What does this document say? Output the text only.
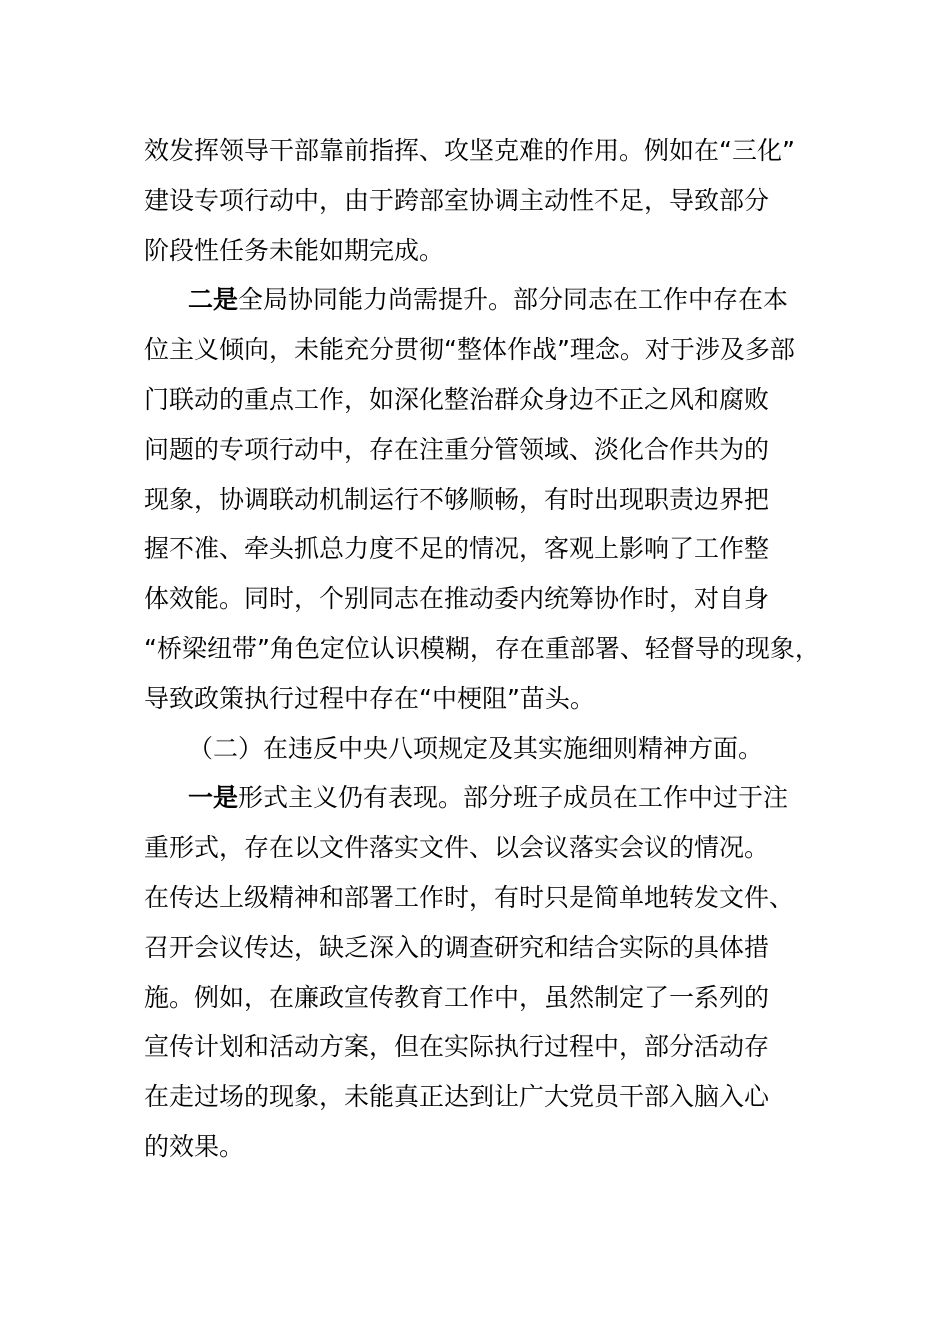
效发挥领导干部靠前指挥、攻坚克难的作用。例如在“三化”
建设专项行动中，由于跨部室协调主动性不足，导致部分
阶段性任务未能如期完成。
二是全局协同能力尚需提升。部分同志在工作中存在本
位主义倾向，未能充分贯彻“整体作战”理念。对于涉及多部
门联动的重点工作，如深化整治群众身边不正之风和腐败
问题的专项行动中，存在注重分管领域、淡化合作共为的
现象，协调联动机制运行不够顺畅，有时出现职责边界把
握不准、牵头抓总力度不足的情况，客观上影响了工作整
体效能。同时，个别同志在推动委内统筹协作时，对自身
“桥梁纽带”角色定位认识模糊，存在重部署、轻督导的现象，
导致政策执行过程中存在“中梗阻”苗头。
（二）在违反中央八项规定及其实施细则精神方面。
一是形式主义仍有表现。部分班子成员在工作中过于注
重形式，存在以文件落实文件、以会议落实会议的情况。
在传达上级精神和部署工作时，有时只是简单地转发文件、
召开会议传达，缺乏深入的调查研究和结合实际的具体措
施。例如，在廉政宣传教育工作中，虽然制定了一系列的
宣传计划和活动方案，但在实际执行过程中，部分活动存
在走过场的现象，未能真正达到让广大党员干部入脑入心
的效果。
